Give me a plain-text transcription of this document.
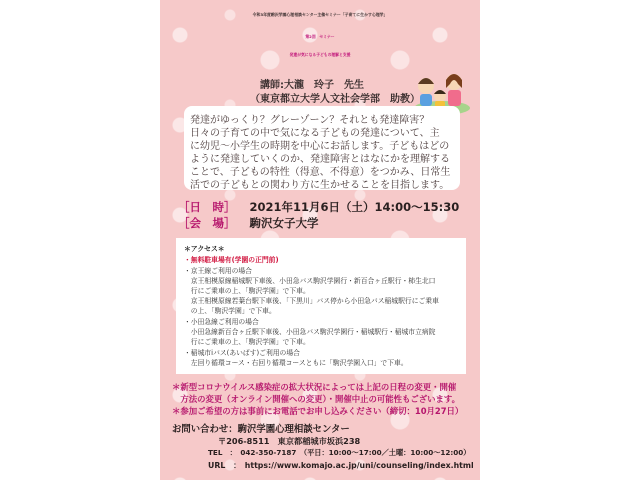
令和3年度駒沢学園心理相談センター主催セミナー「子育てに生かす心理学」
第2回　セミナー
発達が気になる子どもの理解と支援
講師:大瀧　玲子　先生
（東京都立大学人文社会学部　助教）
発達がゆっくり？グレーゾーン？それとも発達障害？
日々の子育ての中で気になる子どもの発達について、主
に幼児〜小学生の時期を中心にお話します。子どもはどの
ように発達していくのか、発達障害とはなにかを理解する
ことで、子どもの特性（得意、不得意）をつかみ、日常生
活での子どもとの関わり方に生かせることを目指します。
［日　時］ 2021年11月6日（土）14:00〜15:30
［会　場］ 駒沢女子大学
＊アクセス＊
・無料駐車場有(学園の正門前)
・京王線ご利用の場合
　京王相模原線稲城駅下車後、小田急バス駒沢学園行・新百合ヶ丘駅行・柿生北口
　行にご乗車の上、「駒沢学園」で下車。
　京王相模原線若葉台駅下車後、「下黒川」バス停から小田急バス稲城駅行にご乗車
　の上、「駒沢学園」で下車。
・小田急線ご利用の場合
　小田急線新百合ヶ丘駅下車後、小田急バス駒沢学園行・稲城駅行・稲城市立病院
　行にご乗車の上、「駒沢学園」で下車。
・稲城市iバス(あいばす)ご利用の場合
　左回り循環コース・右回り循環コースともに「駒沢学園入口」で下車。
＊新型コロナウイルス感染症の拡大状況によっては上記の日程の変更・開催
　方法の変更（オンライン開催への変更）・開催中止の可能性もございます。
＊参加ご希望の方は事前にお電話でお申し込みください（締切：10月27日）
お問い合わせ：駒沢学園心理相談センター
〒206-8511　東京都稲城市坂浜238
TEL　：　042-350-7187　（平日：10:00〜17:00／土曜：10:00〜12:00）
URL　：　https://www.komajo.ac.jp/uni/counseling/index.html
